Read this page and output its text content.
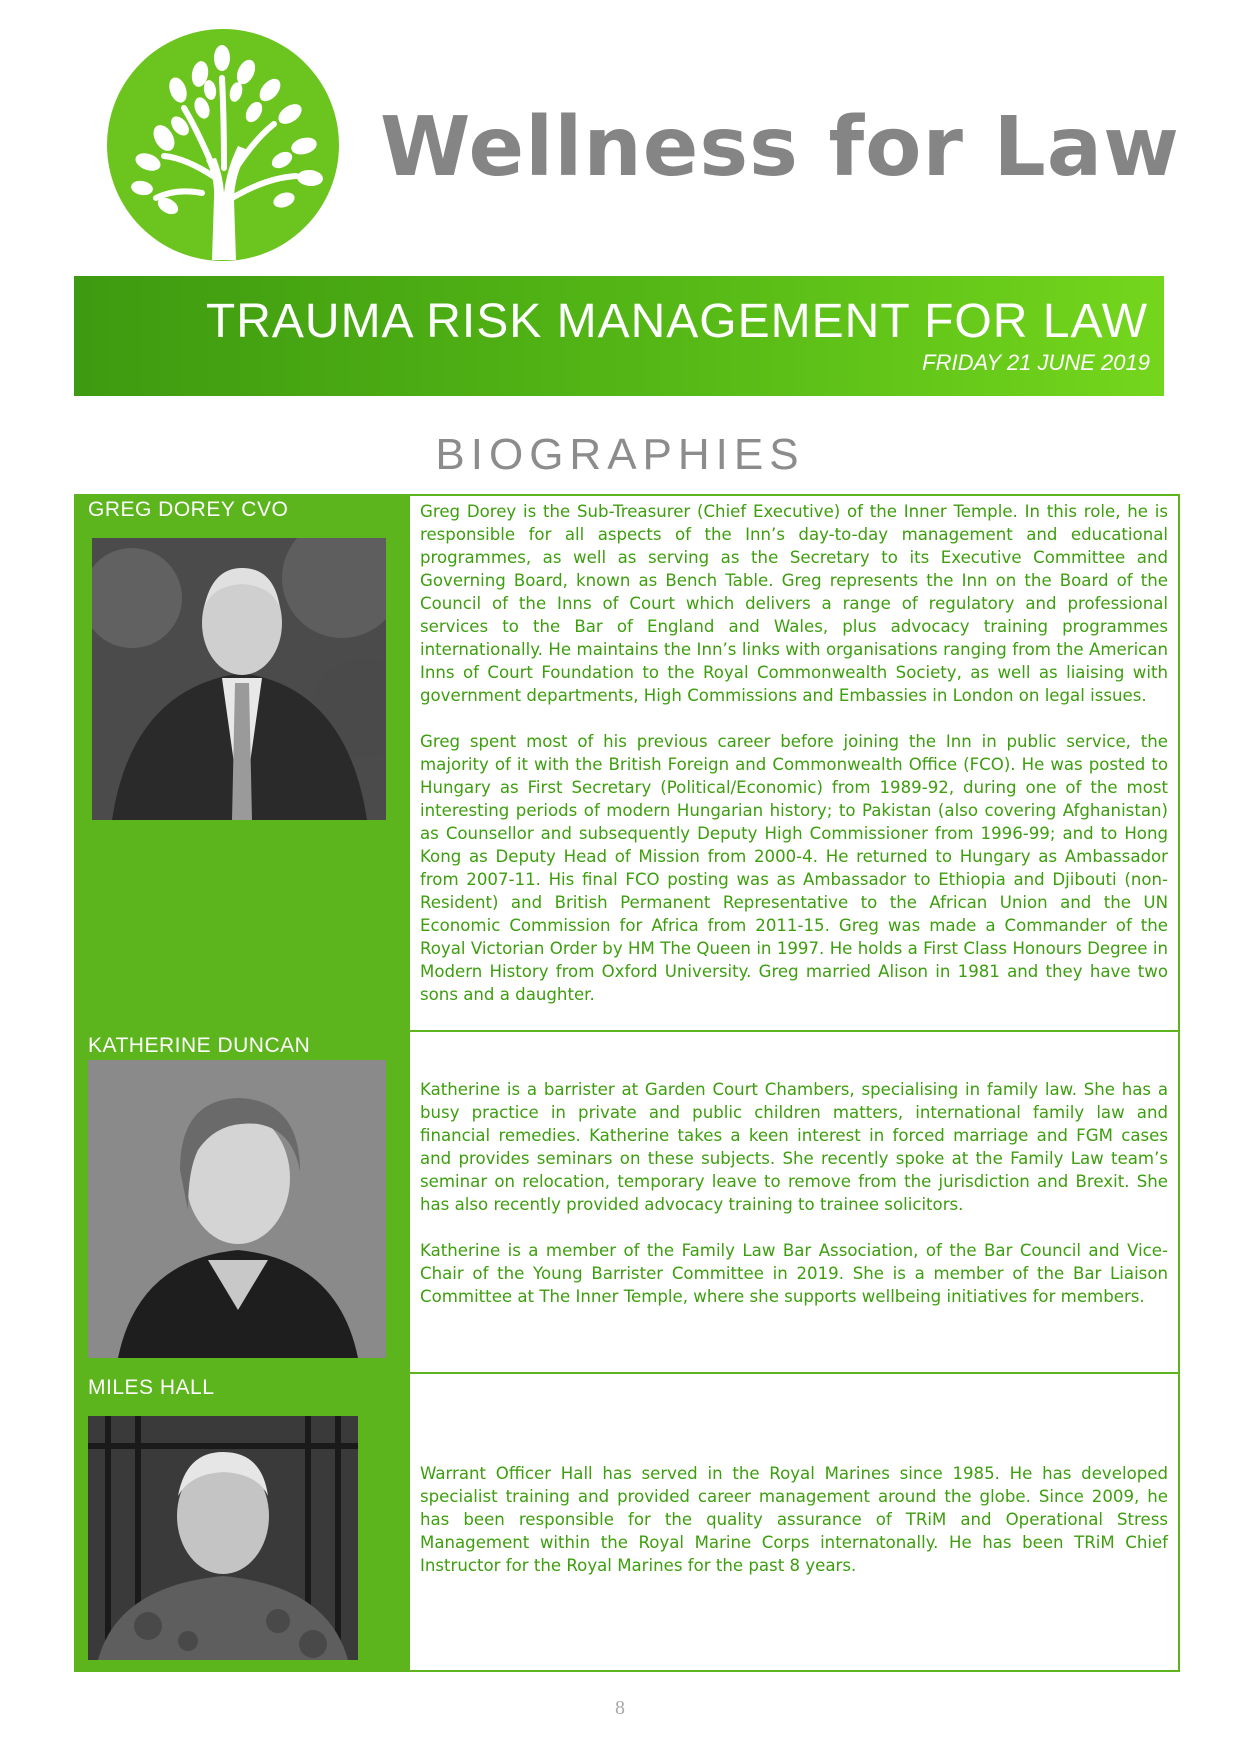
Wellness for Law
TRAUMA RISK MANAGEMENT FOR LAW
FRIDAY 21 JUNE 2019
BIOGRAPHIES
GREG DOREY CVO	Greg Dorey is the Sub-Treasurer (Chief Executive) of the Inner Temple. In this role, he is responsible for all aspects of the Inn’s day-to-day management and educational programmes, as well as serving as the Secretary to its Executive Committee and Governing Board, known as Bench Table. Greg represents the Inn on the Board of the Council of the Inns of Court which delivers a range of regulatory and professional services to the Bar of England and Wales, plus advocacy training programmes internationally. He maintains the Inn’s links with organisations ranging from the American Inns of Court Foundation to the Royal Commonwealth Society, as well as liaising with government departments, High Commissions and Embassies in London on legal issues.

Greg spent most of his previous career before joining the Inn in public service, the majority of it with the British Foreign and Commonwealth Office (FCO). He was posted to Hungary as First Secretary (Political/Economic) from 1989-92, during one of the most interesting periods of modern Hungarian history; to Pakistan (also covering Afghanistan) as Counsellor and subsequently Deputy High Commissioner from 1996-99; and to Hong Kong as Deputy Head of Mission from 2000-4. He returned to Hungary as Ambassador from 2007-11. His final FCO posting was as Ambassador to Ethiopia and Djibouti (non-Resident) and British Permanent Representative to the African Union and the UN Economic Commission for Africa from 2011-15. Greg was made a Commander of the Royal Victorian Order by HM The Queen in 1997. He holds a First Class Honours Degree in Modern History from Oxford University. Greg married Alison in 1981 and they have two sons and a daughter.

KATHERINE DUNCAN

Katherine is a barrister at Garden Court Chambers, specialising in family law. She has a busy practice in private and public children matters, international family law and financial remedies. Katherine takes a keen interest in forced marriage and FGM cases and provides seminars on these subjects. She recently spoke at the Family Law team’s seminar on relocation, temporary leave to remove from the jurisdiction and Brexit. She has also recently provided advocacy training to trainee solicitors.

Katherine is a member of the Family Law Bar Association, of the Bar Council and Vice-Chair of the Young Barrister Committee in 2019. She is a member of the Bar Liaison Committee at The Inner Temple, where she supports wellbeing initiatives for members.

MILES HALL

Warrant Officer Hall has served in the Royal Marines since 1985. He has developed specialist training and provided career management around the globe. Since 2009, he has been responsible for the quality assurance of TRiM and Operational Stress Management within the Royal Marine Corps internatonally. He has been TRiM Chief Instructor for the Royal Marines for the past 8 years.

8
